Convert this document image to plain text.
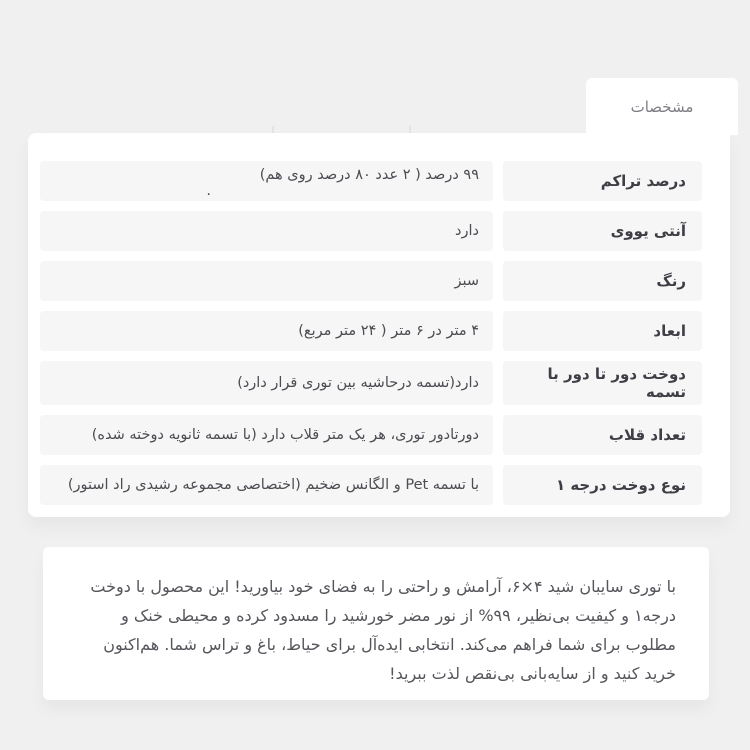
مشخصات
درصد تراکم
۹۹ درصد ( ۲ عدد ۸۰ درصد روی هم)
.
آنتی یووی
دارد
رنگ
سبز
ابعاد
۴ متر در ۶ متر ( ۲۴ متر مربع)
دوخت دور تا دور با تسمه
دارد(تسمه درحاشیه بین توری قرار دارد)
تعداد قلاب
دورتادور توری، هر یک متر قلاب دارد (با تسمه ثانویه دوخته شده)
نوع دوخت درجه ۱
با تسمه Pet و الگانس ضخیم (اختصاصی مجموعه رشیدی راد استور)
با توری سایبان شید ۴×۶، آرامش و راحتی را به فضای خود بیاورید! این محصول با دوخت درجه۱ و کیفیت بی‌نظیر، ۹۹% از نور مضر خورشید را مسدود کرده و محیطی خنک و مطلوب برای شما فراهم می‌کند. انتخابی ایده‌آل برای حیاط، باغ و تراس شما. هم‌اکنون خرید کنید و از سایه‌بانی بی‌نقص لذت ببرید!
